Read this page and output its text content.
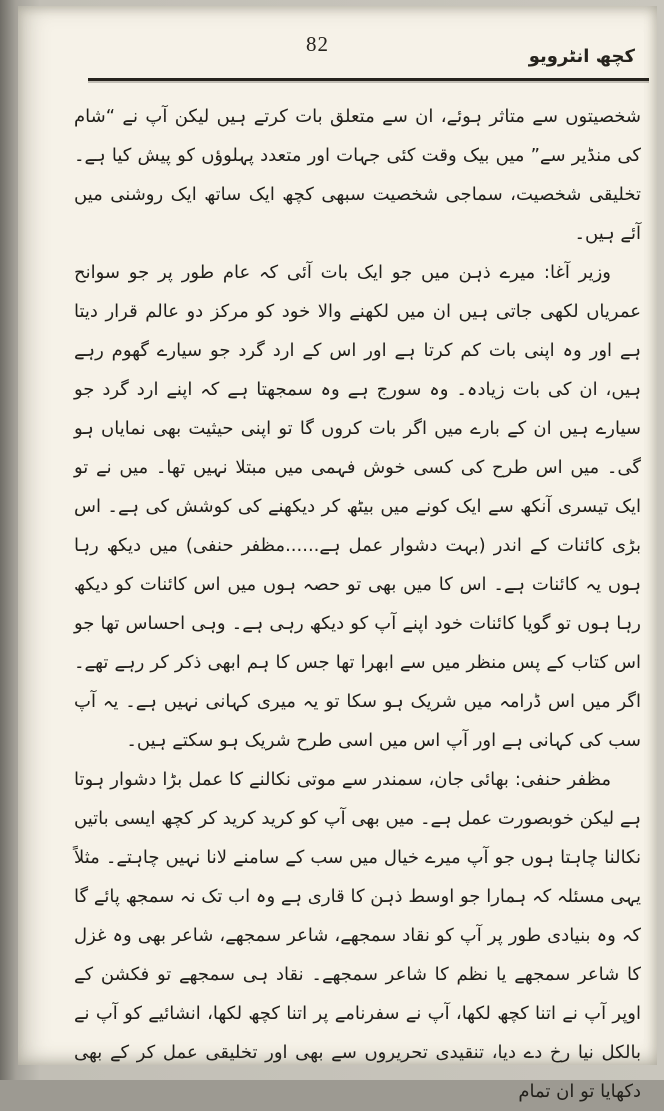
82
کچھ انٹرویو

شخصیتوں سے متاثر ہوئے، ان سے متعلق بات کرتے ہیں لیکن آپ نے “شام کی منڈیر سے” میں بیک وقت کئی جہات اور متعدد پہلوؤں کو پیش کیا ہے۔ تخلیقی شخصیت، سماجی شخصیت سبھی کچھ ایک ساتھ ایک روشنی میں آئے ہیں۔

وزیر آغا: میرے ذہن میں جو ایک بات آئی کہ عام طور پر جو سوانح عمریاں لکھی جاتی ہیں ان میں لکھنے والا خود کو مرکز دو عالم قرار دیتا ہے اور وہ اپنی بات کم کرتا ہے اور اس کے ارد گرد جو سیارے گھوم رہے ہیں، ان کی بات زیادہ۔ وہ سورج ہے وہ سمجھتا ہے کہ اپنے ارد گرد جو سیارے ہیں ان کے بارے میں اگر بات کروں گا تو اپنی حیثیت بھی نمایاں ہو گی۔ میں اس طرح کی کسی خوش فہمی میں مبتلا نہیں تھا۔ میں نے تو ایک تیسری آنکھ سے ایک کونے میں بیٹھ کر دیکھنے کی کوشش کی ہے۔ اس بڑی کائنات کے اندر (بہت دشوار عمل ہے......مظفر حنفی) میں دیکھ رہا ہوں یہ کائنات ہے۔ اس کا میں بھی تو حصہ ہوں میں اس کائنات کو دیکھ رہا ہوں تو گویا کائنات خود اپنے آپ کو دیکھ رہی ہے۔ وہی احساس تھا جو اس کتاب کے پس منظر میں سے ابھرا تھا جس کا ہم ابھی ذکر کر رہے تھے۔ اگر میں اس ڈرامہ میں شریک ہو سکا تو یہ میری کہانی نہیں ہے۔ یہ آپ سب کی کہانی ہے اور آپ اس میں اسی طرح شریک ہو سکتے ہیں۔

مظفر حنفی: بھائی جان، سمندر سے موتی نکالنے کا عمل بڑا دشوار ہوتا ہے لیکن خوبصورت عمل ہے۔ میں بھی آپ کو کرید کرید کر کچھ ایسی باتیں نکالنا چاہتا ہوں جو آپ میرے خیال میں سب کے سامنے لانا نہیں چاہتے۔ مثلاً یہی مسئلہ کہ ہمارا جو اوسط ذہن کا قاری ہے وہ اب تک نہ سمجھ پائے گا کہ وہ بنیادی طور پر آپ کو نقاد سمجھے، شاعر سمجھے، شاعر بھی وہ غزل کا شاعر سمجھے یا نظم کا شاعر سمجھے۔ نقاد ہی سمجھے تو فکشن کے اوپر آپ نے اتنا کچھ لکھا، آپ نے سفرنامے پر اتنا کچھ لکھا، انشائیے کو آپ نے بالکل نیا رخ دے دیا، تنقیدی تحریروں سے بھی اور تخلیقی عمل کر کے بھی دکھایا تو ان تمام
